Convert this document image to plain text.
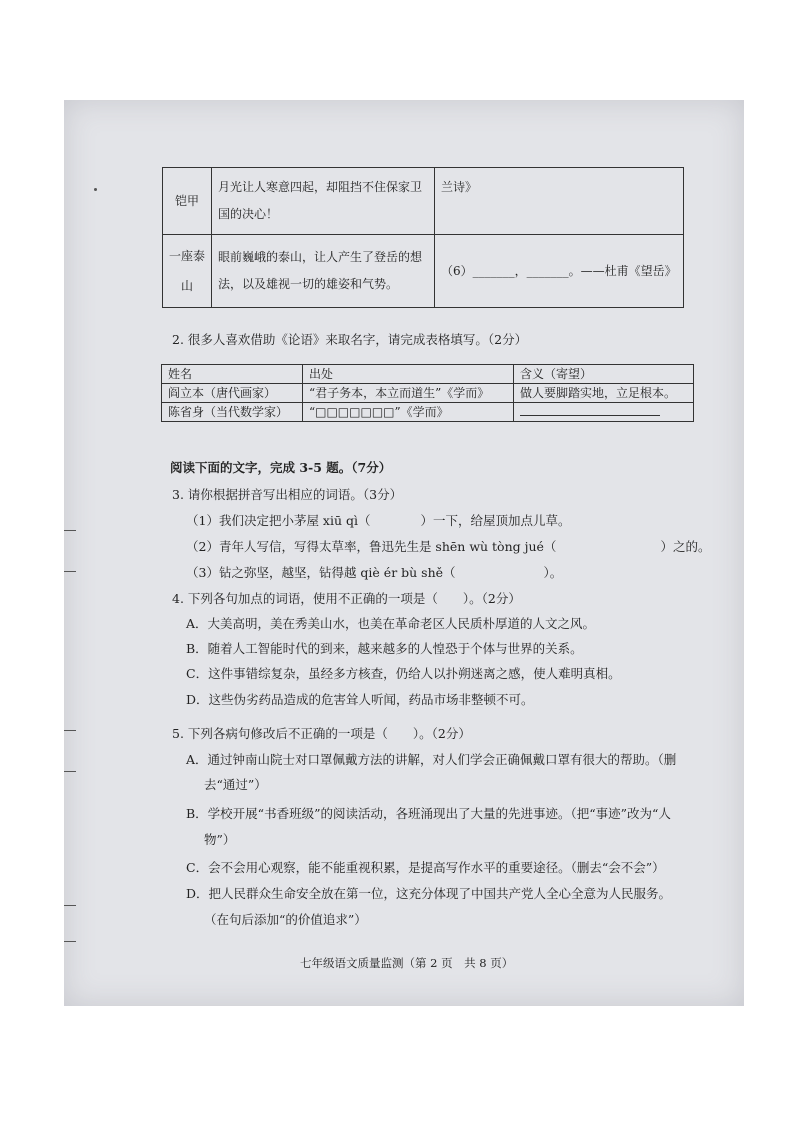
铠甲	月光让人寒意四起，却阻挡不住保家卫国的决心！	兰诗》
一座泰山	眼前巍峨的泰山，让人产生了登岳的想法，以及雄视一切的雄姿和气势。	（6）_______，_______。——杜甫《望岳》
2. 很多人喜欢借助《论语》来取名字，请完成表格填写。（2分）
姓名	出处	含义（寄望）
阎立本（唐代画家）	“君子务本，本立而道生”《学而》	做人要脚踏实地，立足根本。
陈省身（当代数学家）	“□□□□□□□”《学而》	
阅读下面的文字，完成 3-5 题。（7分）
3. 请你根据拼音写出相应的词语。（3分）
（1）我们决定把小茅屋 xiū qì（	）一下，给屋顶加点儿草。
（2）青年人写信，写得太草率，鲁迅先生是 shēn wù tòng jué（	）之的。
（3）钻之弥坚，越坚，钻得越 qiè ér bù shě（	）。
4. 下列各句加点的词语，使用不正确的一项是（　　）。（2分）
A．大美高明，美在秀美山水，也美在革命老区人民质朴厚道的人文之风。
B．随着人工智能时代的到来，越来越多的人惶恐于个体与世界的关系。
C．这件事错综复杂，虽经多方核查，仍给人以扑朔迷离之感，使人难明真相。
D．这些伪劣药品造成的危害耸人听闻，药品市场非整顿不可。
5. 下列各病句修改后不正确的一项是（　　）。（2分）
A．通过钟南山院士对口罩佩戴方法的讲解，对人们学会正确佩戴口罩有很大的帮助。（删
去“通过”）
B．学校开展“书香班级”的阅读活动，各班涌现出了大量的先进事迹。（把“事迹”改为“人
物”）
C．会不会用心观察，能不能重视积累，是提高写作水平的重要途径。（删去“会不会”）
D．把人民群众生命安全放在第一位，这充分体现了中国共产党人全心全意为人民服务。
（在句后添加“的价值追求”）
七年级语文质量监测（第 2 页　共 8 页）
